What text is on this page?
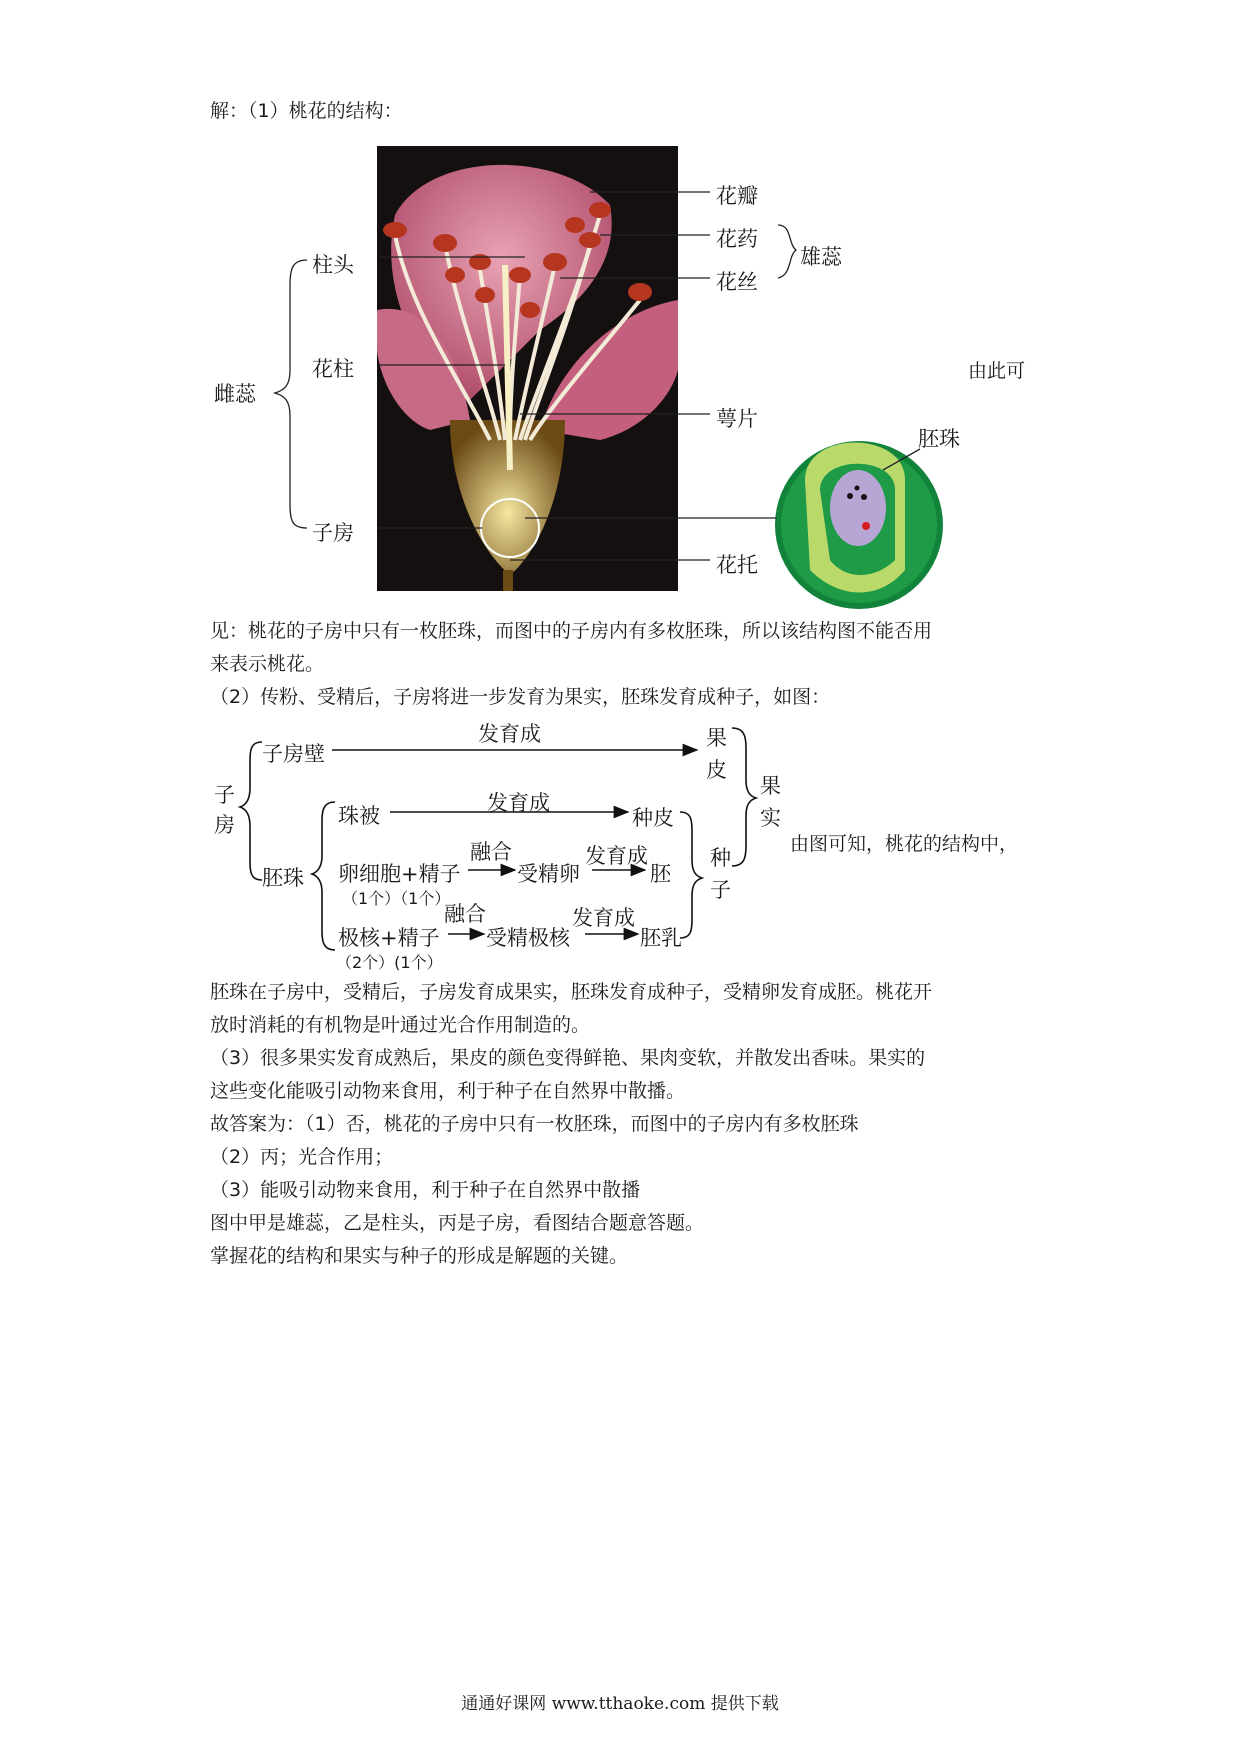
解：（1）桃花的结构：
花瓣
花药
花丝
雄蕊
柱头
花柱
雌蕊
萼片
子房
花托
胚珠
由此可
见：桃花的子房中只有一枚胚珠，而图中的子房内有多枚胚珠，所以该结构图不能否用
来表示桃花。
（2）传粉、受精后，子房将进一步发育为果实，胚珠发育成种子，如图：
子
房
子房壁
发育成	果
皮
果
实
胚珠
珠被
发育成
种皮
卵细胞+精子
（1个）（1个）
融合
受精卵
发育成
胚
种
子
极核+精子
（2个）(1个）
融合
受精极核
发育成
胚乳
由图可知，桃花的结构中，
胚珠在子房中，受精后，子房发育成果实，胚珠发育成种子，受精卵发育成胚。桃花开
放时消耗的有机物是叶通过光合作用制造的。
（3）很多果实发育成熟后，果皮的颜色变得鲜艳、果肉变软，并散发出香味。果实的
这些变化能吸引动物来食用，利于种子在自然界中散播。
故答案为：（1）否，桃花的子房中只有一枚胚珠，而图中的子房内有多枚胚珠
（2）丙；光合作用；
（3）能吸引动物来食用，利于种子在自然界中散播
图中甲是雄蕊，乙是柱头，丙是子房，看图结合题意答题。
掌握花的结构和果实与种子的形成是解题的关键。
通通好课网 www.tthaoke.com 提供下载
